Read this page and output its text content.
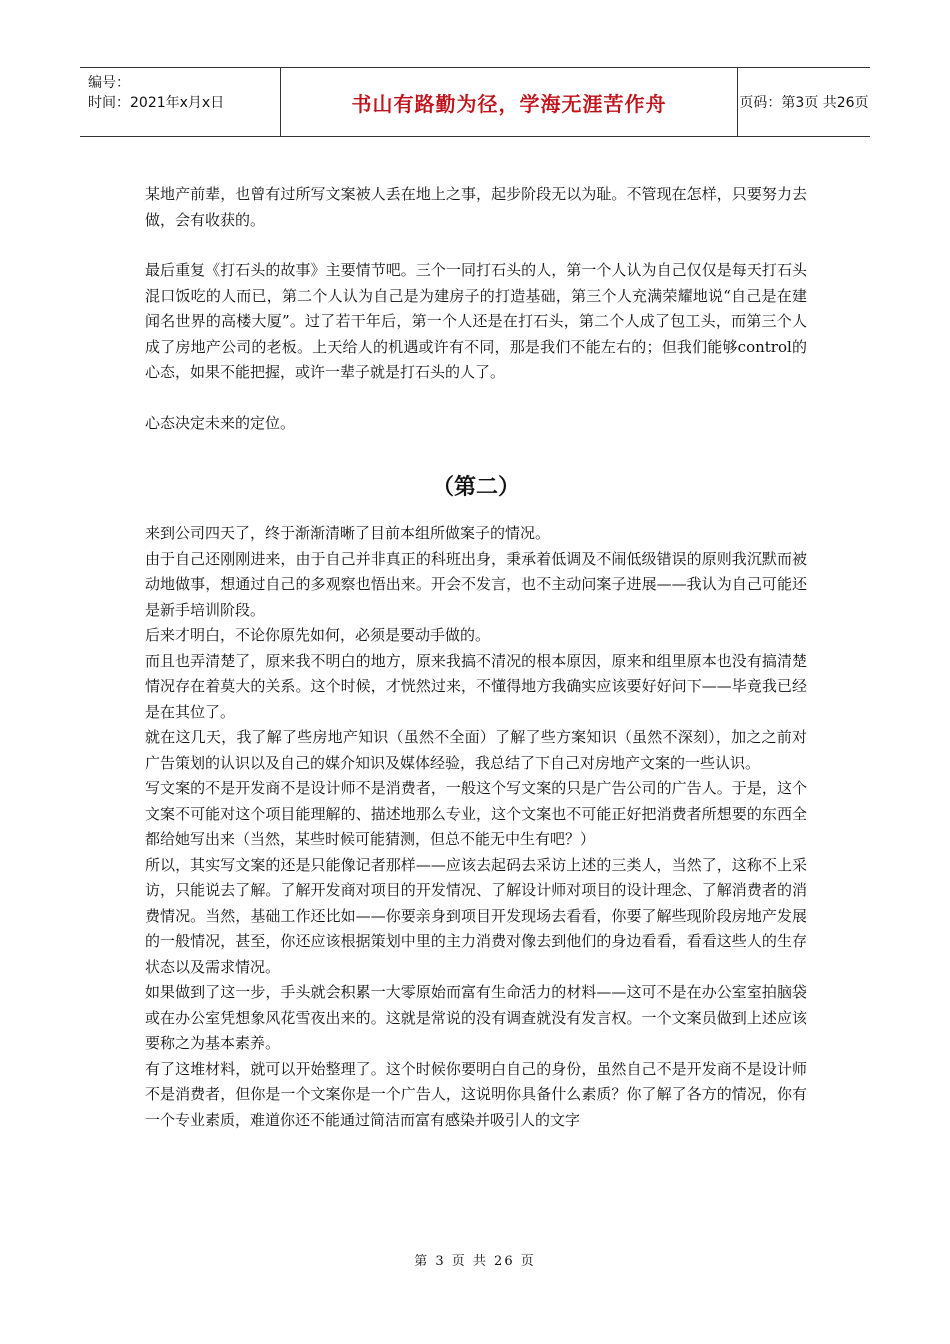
编号：
时间：2021年x月x日	书山有路勤为径，学海无涯苦作舟	页码：第3页 共26页

某地产前辈，也曾有过所写文案被人丢在地上之事，起步阶段无以为耻。不管现在怎样，只要努力去做，会有收获的。

最后重复《打石头的故事》主要情节吧。三个一同打石头的人，第一个人认为自己仅仅是每天打石头混口饭吃的人而已，第二个人认为自己是为建房子的打造基础，第三个人充满荣耀地说“自己是在建闻名世界的高楼大厦”。过了若干年后，第一个人还是在打石头，第二个人成了包工头，而第三个人成了房地产公司的老板。上天给人的机遇或许有不同，那是我们不能左右的；但我们能够control的心态，如果不能把握，或许一辈子就是打石头的人了。

心态决定未来的定位。

（第二）

来到公司四天了，终于渐渐清晰了目前本组所做案子的情况。

由于自己还刚刚进来，由于自己并非真正的科班出身，秉承着低调及不闹低级错误的原则我沉默而被动地做事，想通过自己的多观察也悟出来。开会不发言，也不主动问案子进展——我认为自己可能还是新手培训阶段。

后来才明白，不论你原先如何，必须是要动手做的。

而且也弄清楚了，原来我不明白的地方，原来我搞不清况的根本原因，原来和组里原本也没有搞清楚情况存在着莫大的关系。这个时候，才恍然过来，不懂得地方我确实应该要好好问下——毕竟我已经是在其位了。

就在这几天，我了解了些房地产知识（虽然不全面）了解了些方案知识（虽然不深刻），加之之前对广告策划的认识以及自己的媒介知识及媒体经验，我总结了下自己对房地产文案的一些认识。

写文案的不是开发商不是设计师不是消费者，一般这个写文案的只是广告公司的广告人。于是，这个文案不可能对这个项目能理解的、描述地那么专业，这个文案也不可能正好把消费者所想要的东西全都给她写出来（当然，某些时候可能猜测，但总不能无中生有吧？）

所以，其实写文案的还是只能像记者那样——应该去起码去采访上述的三类人，当然了，这称不上采访，只能说去了解。了解开发商对项目的开发情况、了解设计师对项目的设计理念、了解消费者的消费情况。当然，基础工作还比如——你要亲身到项目开发现场去看看，你要了解些现阶段房地产发展的一般情况，甚至，你还应该根据策划中里的主力消费对像去到他们的身边看看，看看这些人的生存状态以及需求情况。

如果做到了这一步，手头就会积累一大零原始而富有生命活力的材料——这可不是在办公室室拍脑袋或在办公室凭想象风花雪夜出来的。这就是常说的没有调查就没有发言权。一个文案员做到上述应该要称之为基本素养。

有了这堆材料，就可以开始整理了。这个时候你要明白自己的身份，虽然自己不是开发商不是设计师不是消费者，但你是一个文案你是一个广告人，这说明你具备什么素质？你了解了各方的情况，你有一个专业素质，难道你还不能通过简洁而富有感染并吸引人的文字

第 3 页 共 26 页
